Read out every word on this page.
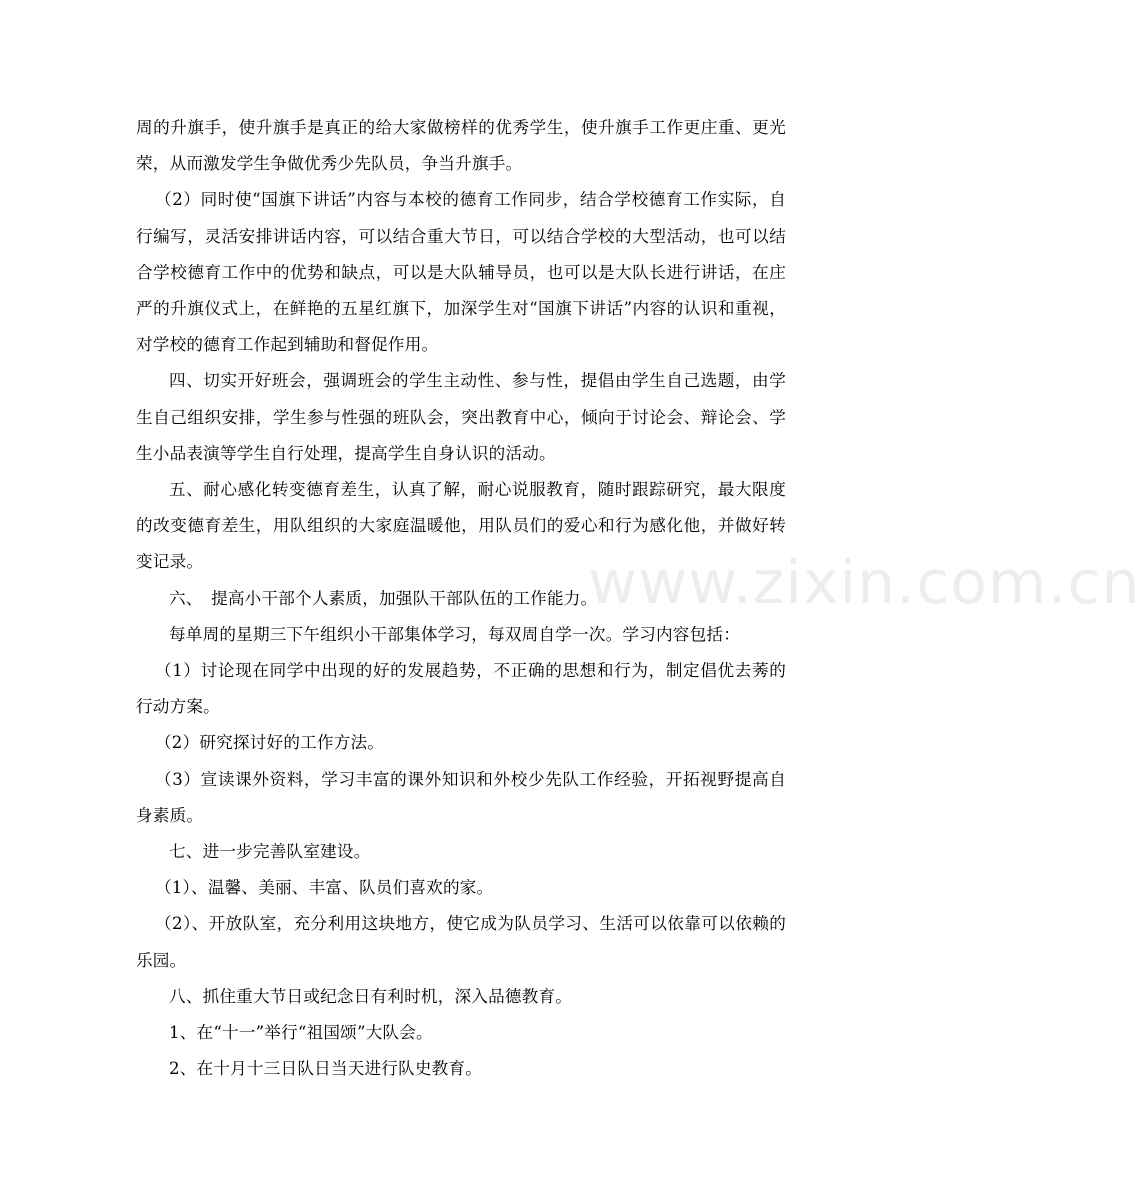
www.zixin.com.cn

周的升旗手，使升旗手是真正的给大家做榜样的优秀学生，使升旗手工作更庄重、更光荣，从而激发学生争做优秀少先队员，争当升旗手。

（2）同时使“国旗下讲话”内容与本校的德育工作同步，结合学校德育工作实际，自行编写，灵活安排讲话内容，可以结合重大节日，可以结合学校的大型活动，也可以结合学校德育工作中的优势和缺点，可以是大队辅导员，也可以是大队长进行讲话，在庄严的升旗仪式上，在鲜艳的五星红旗下，加深学生对“国旗下讲话”内容的认识和重视，对学校的德育工作起到辅助和督促作用。

四、切实开好班会，强调班会的学生主动性、参与性，提倡由学生自己选题，由学生自己组织安排，学生参与性强的班队会，突出教育中心，倾向于讨论会、辩论会、学生小品表演等学生自行处理，提高学生自身认识的活动。

五、耐心感化转变德育差生，认真了解，耐心说服教育，随时跟踪研究，最大限度的改变德育差生，用队组织的大家庭温暖他，用队员们的爱心和行为感化他，并做好转变记录。

六、　提高小干部个人素质，加强队干部队伍的工作能力。

每单周的星期三下午组织小干部集体学习，每双周自学一次。学习内容包括：

（1）讨论现在同学中出现的好的发展趋势，不正确的思想和行为，制定倡优去莠的行动方案。

（2）研究探讨好的工作方法。

（3）宣读课外资料，学习丰富的课外知识和外校少先队工作经验，开拓视野提高自身素质。

七、进一步完善队室建设。

（1）、温馨、美丽、丰富、队员们喜欢的家。

（2）、开放队室，充分利用这块地方，使它成为队员学习、生活可以依靠可以依赖的乐园。

八、抓住重大节日或纪念日有利时机，深入品德教育。

1、在“十一”举行“祖国颂”大队会。

2、在十月十三日队日当天进行队史教育。
